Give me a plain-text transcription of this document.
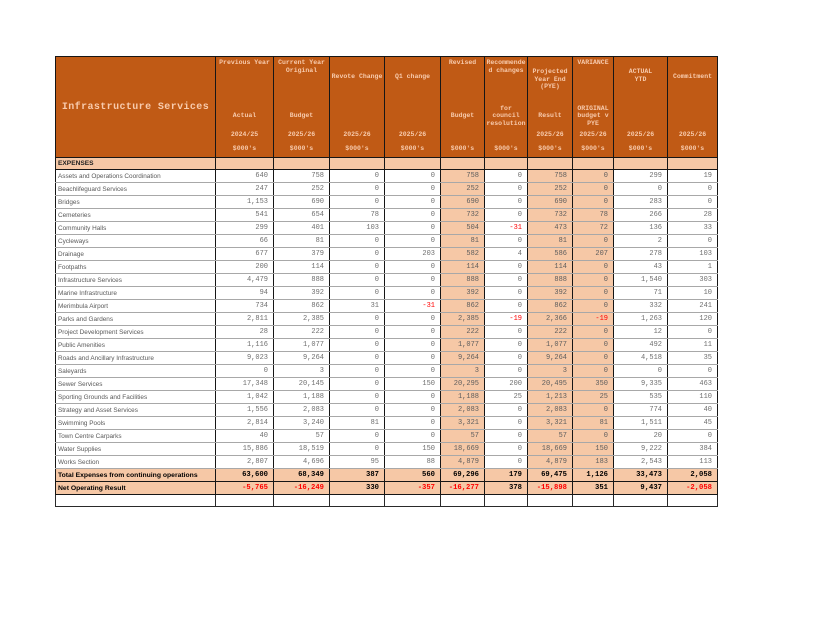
Infrastructure Services	
Previous Year
Actual
2024/25
$000's

Current Year Original
Budget
2025/26
$000's

Revote Change
2025/26
$000's

Q1 change
2025/26
$000's

Revised
Budget
$000's

Recommended changes
for council resolution
$000's

Projected Year End (PYE)
Result
2025/26
$000's

VARIANCE
ORIGINAL budget v PYE
2025/26
$000's

ACTUAL YTD
2025/26
$000's

Commitment
2025/26
$000's

EXPENSES										
Assets and Operations Coordination	640	758	0	0	758	0	758	0	299	19
Beachlifeguard Services	247	252	0	0	252	0	252	0	0	0
Bridges	1,153	690	0	0	690	0	690	0	283	0
Cemeteries	541	654	78	0	732	0	732	78	266	28
Community Halls	299	401	103	0	504	-31	473	72	136	33
Cycleways	66	81	0	0	81	0	81	0	2	0
Drainage	677	379	0	203	582	4	586	207	278	103
Footpaths	200	114	0	0	114	0	114	0	43	1
Infrastructure Services	4,479	888	0	0	888	0	888	0	1,540	303
Marine Infrastructure	94	392	0	0	392	0	392	0	71	10
Merimbula Airport	734	862	31	-31	862	0	862	0	332	241
Parks and Gardens	2,811	2,385	0	0	2,385	-19	2,366	-19	1,263	120
Project Development Services	28	222	0	0	222	0	222	0	12	0
Public Amenities	1,116	1,077	0	0	1,077	0	1,077	0	492	11
Roads and Ancillary Infrastructure	9,023	9,264	0	0	9,264	0	9,264	0	4,518	35
Saleyards	0	3	0	0	3	0	3	0	0	0
Sewer Services	17,348	20,145	0	150	20,295	200	20,495	350	9,335	463
Sporting Grounds and Facilities	1,042	1,188	0	0	1,188	25	1,213	25	535	110
Strategy and Asset Services	1,556	2,083	0	0	2,083	0	2,083	0	774	40
Swimming Pools	2,814	3,240	81	0	3,321	0	3,321	81	1,511	45
Town Centre Carparks	40	57	0	0	57	0	57	0	20	0
Water Supplies	15,886	18,519	0	150	18,669	0	18,669	150	9,222	384
Works Section	2,807	4,696	95	88	4,879	0	4,879	183	2,543	113
Total Expenses from continuing operations	63,600	68,349	387	560	69,296	179	69,475	1,126	33,473	2,058
Net Operating Result	-5,765	-16,249	330	-357	-16,277	378	-15,898	351	9,437	-2,058
